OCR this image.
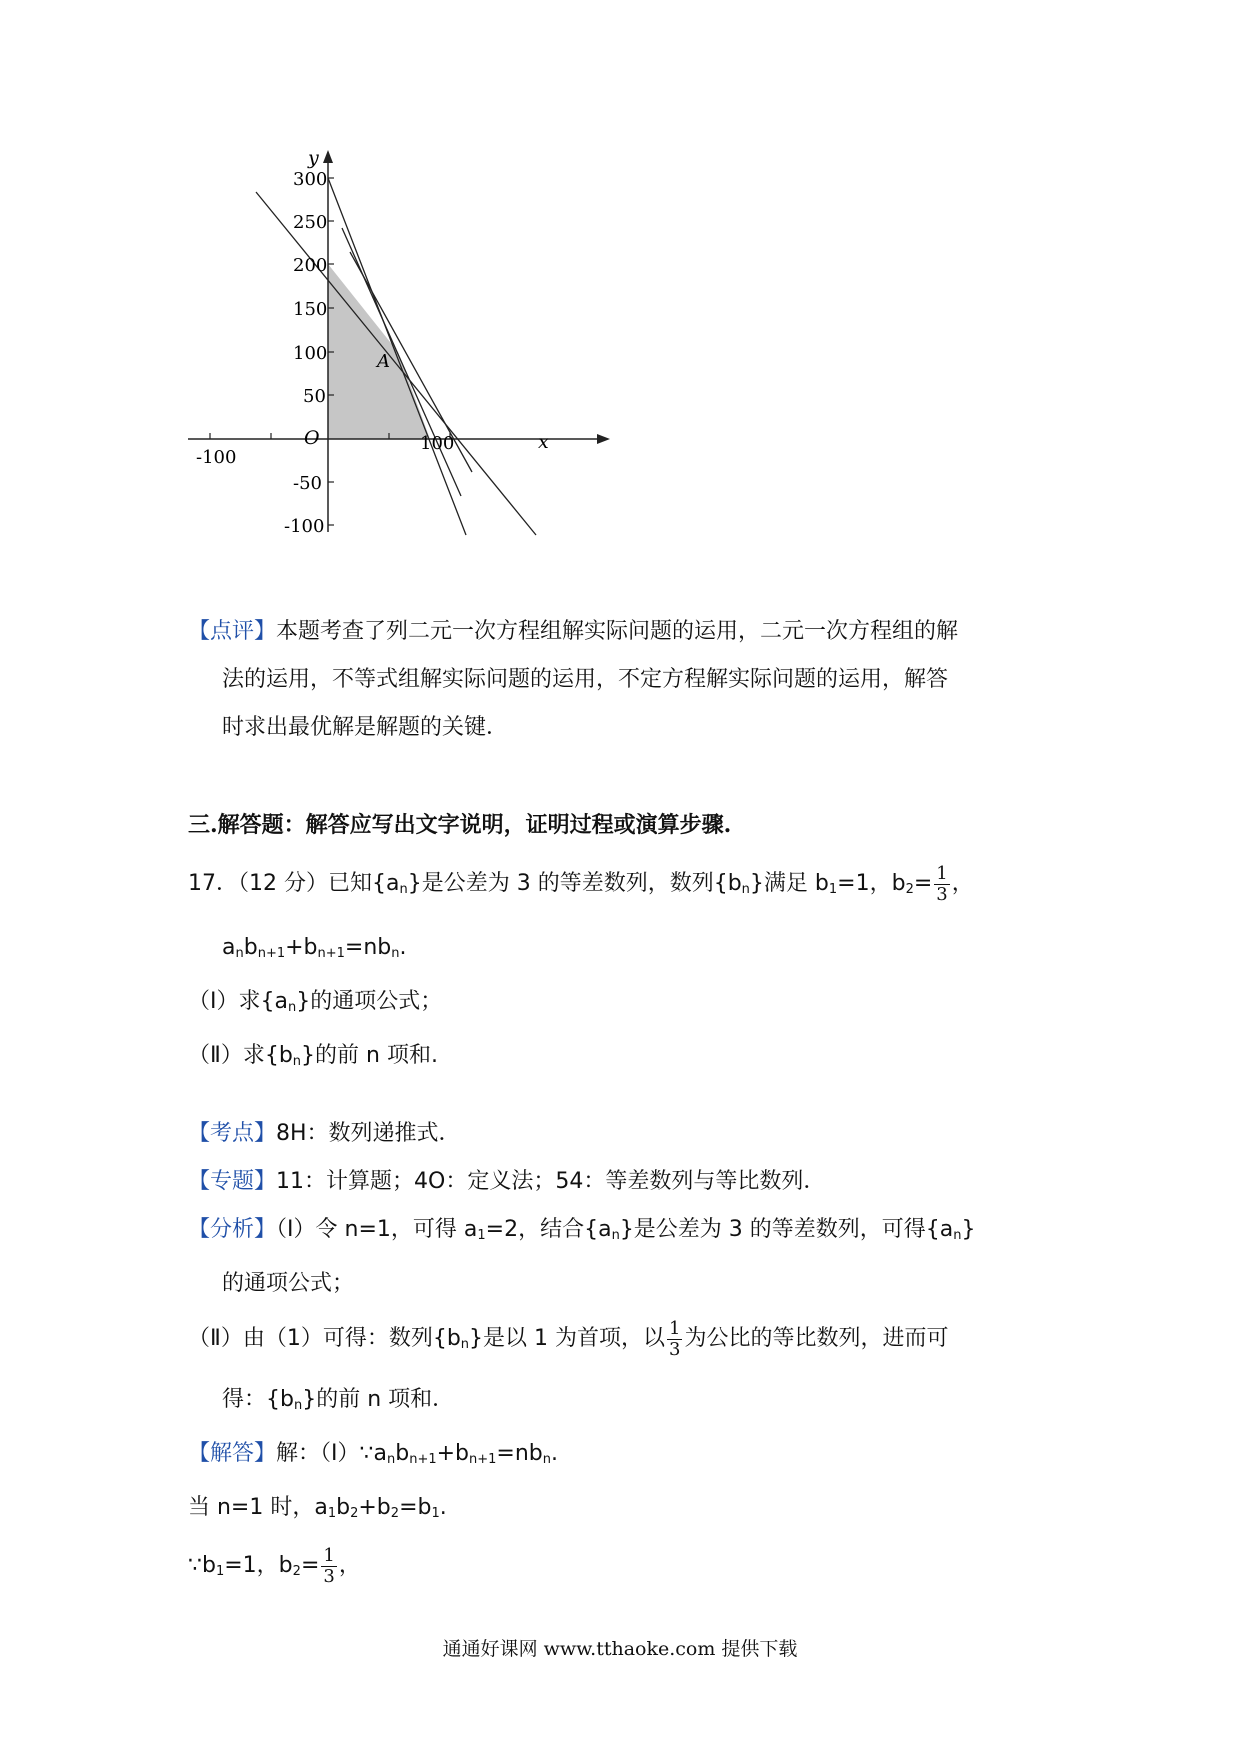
y
x
O
A
-100
100
300
250
200
150
100
50
-50
-100
【点评】本题考查了列二元一次方程组解实际问题的运用，二元一次方程组的解
法的运用，不等式组解实际问题的运用，不定方程解实际问题的运用，解答
时求出最优解是解题的关键．
三.解答题：解答应写出文字说明，证明过程或演算步骤.
17．（12 分）已知$\{a_n\}$是公差为 3 的等差数列，数列$\{b_n\}$满足 $b_1=1$，$b_2= \frac{1}{3}$ ，
$a_nb_{n+1}+b_{n+1}=nb_n$.
（Ⅰ）求$\{a_n\}$的通项公式；
（Ⅱ）求$\{b_n\}$的前 n 项和.
【考点】8H：数列递推式．
【专题】11：计算题；4O：定义法；54：等差数列与等比数列．
【分析】（Ⅰ）令 n=1，可得 $a_1=2$，结合$\{a_n\}$是公差为 3 的等差数列，可得$\{a_n\}$
的通项公式；
（Ⅱ）由（1）可得：数列$\{b_n\}$是以 1 为首项，以 $\frac{1}{3}$ 为公比的等比数列，进而可
得：$\{b_n\}$的前 n 项和．
【解答】解：$(Ⅰ)\because a_nb_{n+1}+b_{n+1}=nb_n$.
当 n=1 时，$a_1b_2+b_2=b_1$.
$\because b_1=1$，$b_2= \frac{1}{3}$ ，
通通好课网 www.tthaoke.com 提供下载
